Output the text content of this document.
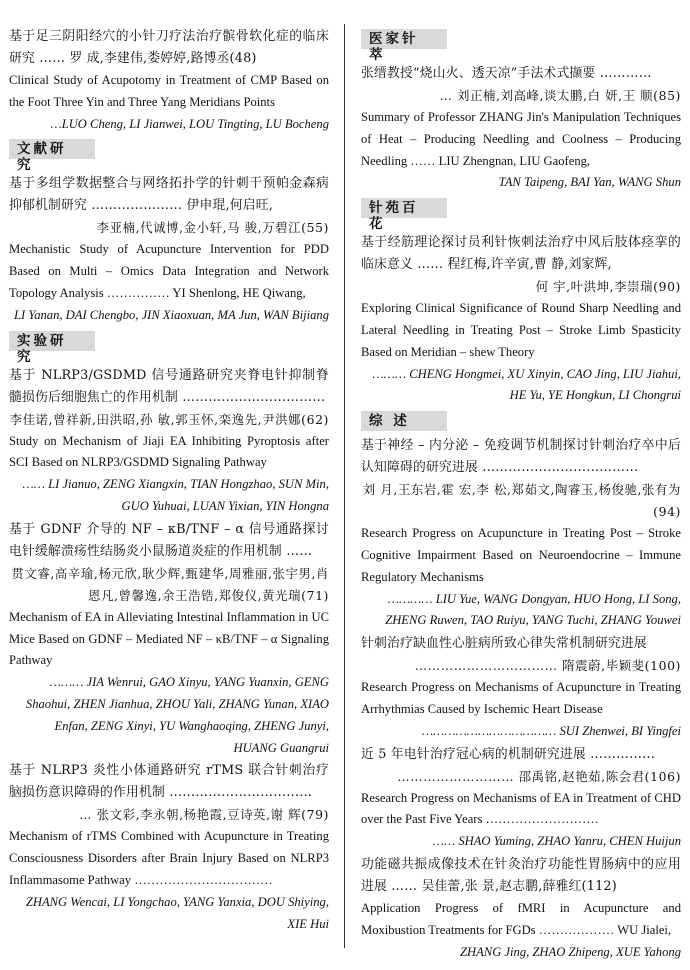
基于足三阴阳经穴的小针刀疗法治疗髌骨软化症的临床研究 …… 罗 成,李建伟,娄婷婷,路博丞(48)
Clinical Study of Acupotomy in Treatment of CMP Based on the Foot Three Yin and Three Yang Meridians Points
…LUO Cheng, LI Jianwei, LOU Tingting, LU Bocheng
文献研究
基于多组学数据整合与网络拓扑学的针刺干预帕金森病抑郁机制研究 ………………… 伊申琨,何启旺,
李亚楠,代诚博,金小轩,马 骏,万碧江(55)
Mechanistic Study of Acupuncture Intervention for PDD Based on Multi – Omics Data Integration and Network Topology Analysis …………… YI Shenlong, HE Qiwang,
LI Yanan, DAI Chengbo, JIN Xiaoxuan, MA Jun, WAN Bijiang
实验研究
基于 NLRP3/GSDMD 信号通路研究夹脊电针抑制脊髓损伤后细胞焦亡的作用机制 ……………………………
李佳诺,曾祥新,田洪昭,孙 敏,郭玉怀,栾逸先,尹洪娜(62)
Study on Mechanism of Jiaji EA Inhibiting Pyroptosis after SCI Based on NLRP3/GSDMD Signaling Pathway
…… LI Jianuo, ZENG Xiangxin, TIAN Hongzhao, SUN Min, GUO Yuhuai, LUAN Yixian, YIN Hongna
基于 GDNF 介导的 NF – κB/TNF – α 信号通路探讨电针缓解溃疡性结肠炎小鼠肠道炎症的作用机制 ……
贯文睿,高辛瑜,杨元欣,耿少辉,甄建华,周雅丽,张宇男,肖恩凡,曾馨逸,余王浩锆,郑俊仪,黄光瑞(71)
Mechanism of EA in Alleviating Intestinal Inflammation in UC Mice Based on GDNF – Mediated NF – κB/TNF – α Signaling Pathway
……… JIA Wenrui, GAO Xinyu, YANG Yuanxin, GENG Shaohui, ZHEN Jianhua, ZHOU Yali, ZHANG Yunan, XIAO Enfan, ZENG Xinyi, YU Wanghaoqing, ZHENG Junyi, HUANG Guangrui
基于 NLRP3 炎性小体通路研究 rTMS 联合针刺治疗脑损伤意识障碍的作用机制 ……………………………
… 张文彩,李永朝,杨艳霞,豆诗英,谢 辉(79)
Mechanism of rTMS Combined with Acupuncture in Treating Consciousness Disorders after Brain Injury Based on NLRP3 Inflammasome Pathway ……………………………
ZHANG Wencai, LI Yongchao, YANG Yanxia, DOU Shiying, XIE Hui
医家针萃
张缙教授“烧山火、透天凉”手法术式撷要 …………
… 刘正楠,刘高峰,谈太鹏,白 妍,王 顺(85)
Summary of Professor ZHANG Jin's Manipulation Techniques of Heat – Producing Needling and Coolness – Producing Needling …… LIU Zhengnan, LIU Gaofeng,
TAN Taipeng, BAI Yan, WANG Shun
针苑百花
基于经筋理论探讨员利针恢刺法治疗中风后肢体痉挛的临床意义 …… 程红梅,许辛寅,曹 静,刘家辉,
何 宇,叶洪坤,李崇瑞(90)
Exploring Clinical Significance of Round Sharp Needling and Lateral Needling in Treating Post – Stroke Limb Spasticity Based on Meridian – shew Theory
……… CHENG Hongmei, XU Xinyin, CAO Jing, LIU Jiahui, HE Yu, YE Hongkun, LI Chongrui
综 述
基于神经 – 内分泌 – 免疫调节机制探讨针刺治疗卒中后认知障碍的研究进展 ………………………………
刘 月,王东岩,霍 宏,李 松,郑茹文,陶睿玉,杨俊驰,张有为(94)
Research Progress on Acupuncture in Treating Post – Stroke Cognitive Impairment Based on Neuroendocrine – Immune Regulatory Mechanisms
………… LIU Yue, WANG Dongyan, HUO Hong, LI Song, ZHENG Ruwen, TAO Ruiyu, YANG Tuchi, ZHANG Youwei
针刺治疗缺血性心脏病所致心律失常机制研究进展
…………………………… 隋震蔚,毕颖斐(100)
Research Progress on Mechanisms of Acupuncture in Treating Arrhythmias Caused by Ischemic Heart Disease
……………………………… SUI Zhenwei, BI Yingfei
近 5 年电针治疗冠心病的机制研究进展 ……………
……………………… 邵禹铭,赵艳茹,陈会君(106)
Research Progress on Mechanisms of EA in Treatment of CHD over the Past Five Years ………………………
…… SHAO Yuming, ZHAO Yanru, CHEN Huijun
功能磁共振成像技术在针灸治疗功能性胃肠病中的应用进展 …… 吴佳蕾,张 景,赵志鹏,薛雅红(112)
Application Progress of fMRI in Acupuncture and Moxibustion Treatments for FGDs ……………… WU Jialei,
ZHANG Jing, ZHAO Zhipeng, XUE Yahong
